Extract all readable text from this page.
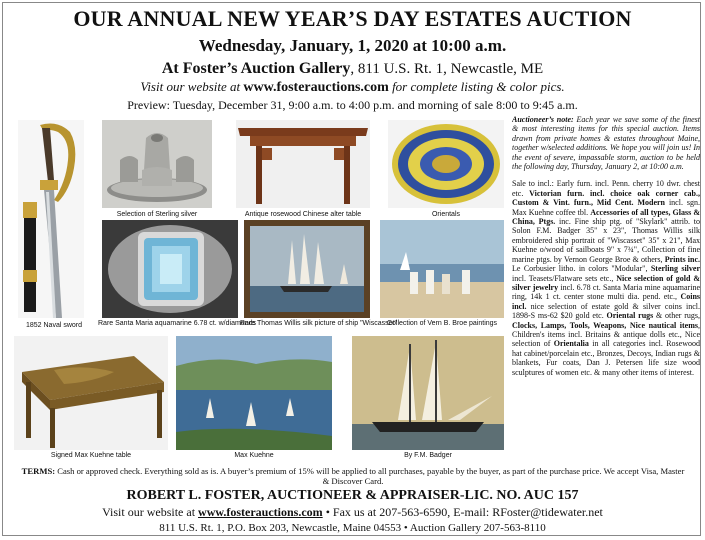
OUR ANNUAL NEW YEAR’S DAY ESTATES AUCTION
Wednesday, January, 1, 2020 at 10:00 a.m.
At Foster’s Auction Gallery, 811 U.S. Rt. 1, Newcastle, ME
Visit our website at www.fosterauctions.com for complete listing & color pics.
Preview: Tuesday, December 31, 9:00 a.m. to 4:00 p.m. and morning of sale 8:00 to 9:45 a.m.
1852 Naval sword
Selection of Sterling silver	Antique rosewood Chinese alter table	Orientals
Rare Santa Maria aquamarine 6.78 ct. w/diamonds
Rare Thomas Willis silk picture of ship "Wiscasset"
Collection of Vern B. Broe paintings
Signed Max Kuehne table	Max Kuehne	By F.M. Badger
Auctioneer’s note: Each year we save some of the finest & most interesting items for this special auction. Items drawn from private homes & estates throughout Maine, together w/selected additions. We hope you will join us! In the event of severe, impassable storm, auction to be held the following day, Thursday, January 2, at 10:00 a.m.
Sale to incl.: Early furn. incl. Penn. cherry 10 dwr. chest etc. Victorian furn. incl. choice oak corner cab., Custom & Vint. furn., Mid Cent. Modern incl. sgn. Max Kuehne coffee tbl. Accessories of all types, Glass & China, Ptgs. inc. Fine ship ptg. of "Skylark" attrib. to Solon F.M. Badger 35" x 23", Thomas Willis silk embroidered ship portrait of "Wiscasset" 35" x 21", Max Kuehne o/wood of sailboats 9" x 7¾", Collection of fine marine ptgs. by Vernon George Broe & others, Prints inc. Le Corbusier litho. in colors "Modular", Sterling silver incl. Teasets/Flatware sets etc., Nice selection of gold & silver jewelry incl. 6.78 ct. Santa Maria mine aquamarine ring, 14k 1 ct. center stone multi dia. pend. etc., Coins incl. nice selection of estate gold & silver coins incl. 1898-S ms-62 $20 gold etc. Oriental rugs & other rugs, Clocks, Lamps, Tools, Weapons, Nice nautical items, Children's items incl. Britains & antique dolls etc., Nice selection of Orientalia in all categories incl. Rosewood hat cabinet/porcelain etc., Bronzes, Decoys, Indian rugs & blankets, Fur coats, Dan J. Petersen life size wood sculptures of women etc. & many other items of interest.
TERMS: Cash or approved check. Everything sold as is. A buyer’s premium of 15% will be applied to all purchases, payable by the buyer, as part of the purchase price. We accept Visa, Master & Discover Card.
ROBERT L. FOSTER, AUCTIONEER & APPRAISER-LIC. NO. AUC 157
Visit our website at www.fosterauctions.com • Fax us at 207-563-6590, E-mail: RFoster@tidewater.net
811 U.S. Rt. 1, P.O. Box 203, Newcastle, Maine 04553 • Auction Gallery 207-563-8110
